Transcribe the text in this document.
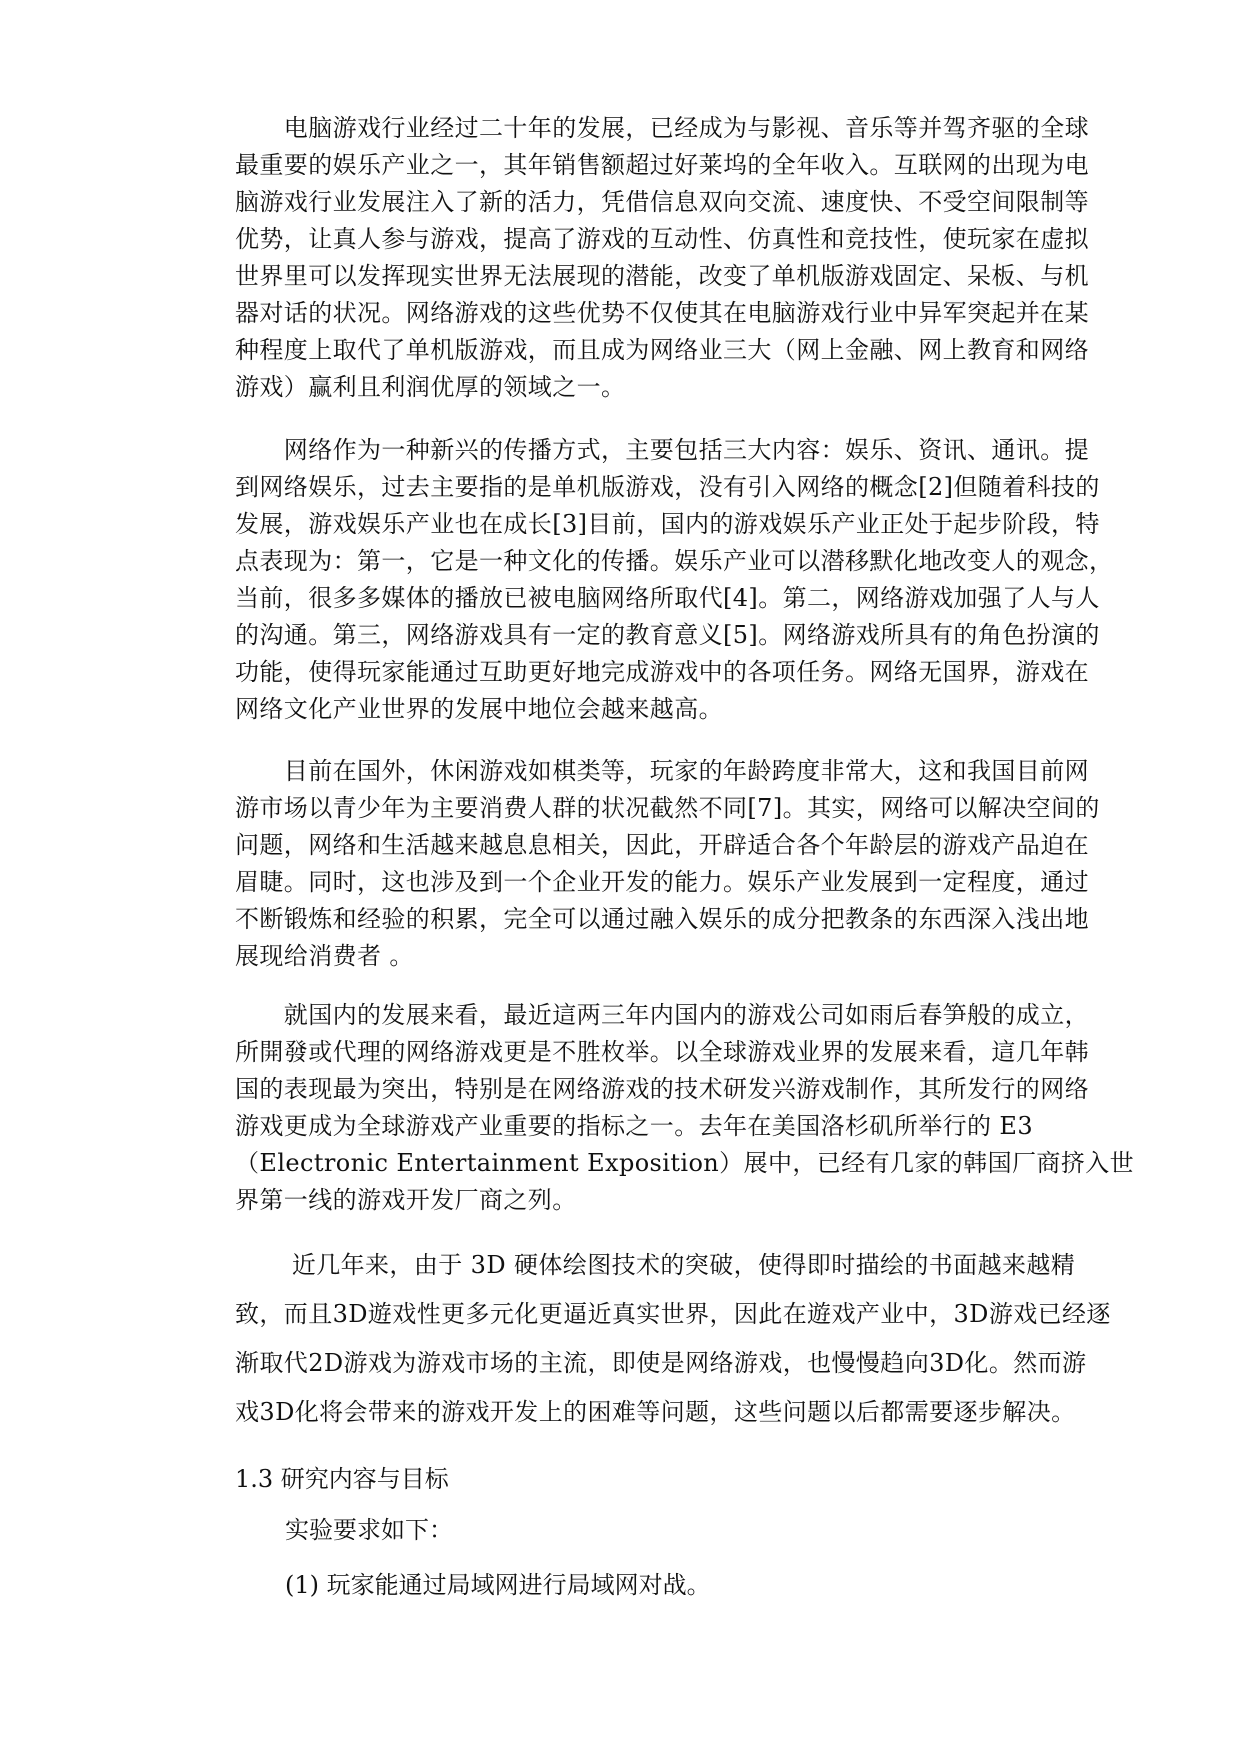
　　电脑游戏行业经过二十年的发展，已经成为与影视、音乐等并驾齐驱的全球
最重要的娱乐产业之一，其年销售额超过好莱坞的全年收入。互联网的出现为电
脑游戏行业发展注入了新的活力，凭借信息双向交流、速度快、不受空间限制等
优势，让真人参与游戏，提高了游戏的互动性、仿真性和竞技性，使玩家在虚拟
世界里可以发挥现实世界无法展现的潜能，改变了单机版游戏固定、呆板、与机
器对话的状况。网络游戏的这些优势不仅使其在电脑游戏行业中异军突起并在某
种程度上取代了单机版游戏，而且成为网络业三大（网上金融、网上教育和网络
游戏）赢利且利润优厚的领域之一。

　　网络作为一种新兴的传播方式，主要包括三大内容：娱乐、资讯、通讯。提
到网络娱乐，过去主要指的是单机版游戏，没有引入网络的概念[2]但随着科技的
发展，游戏娱乐产业也在成长[3]目前，国内的游戏娱乐产业正处于起步阶段，特
点表现为：第一，它是一种文化的传播。娱乐产业可以潜移默化地改变人的观念，
当前，很多多媒体的播放已被电脑网络所取代[4]。第二，网络游戏加强了人与人
的沟通。第三，网络游戏具有一定的教育意义[5]。网络游戏所具有的角色扮演的
功能，使得玩家能通过互助更好地完成游戏中的各项任务。网络无国界，游戏在
网络文化产业世界的发展中地位会越来越高。

　　目前在国外，休闲游戏如棋类等，玩家的年龄跨度非常大，这和我国目前网
游市场以青少年为主要消费人群的状况截然不同[7]。其实，网络可以解决空间的
问题，网络和生活越来越息息相关，因此，开辟适合各个年龄层的游戏产品迫在
眉睫。同时，这也涉及到一个企业开发的能力。娱乐产业发展到一定程度，通过
不断锻炼和经验的积累，完全可以通过融入娱乐的成分把教条的东西深入浅出地
展现给消费者 。

　　就国内的发展来看，最近這两三年内国内的游戏公司如雨后春笋般的成立，
所開發或代理的网络游戏更是不胜枚举。以全球游戏业界的发展来看，這几年韩
国的表现最为突出，特别是在网络游戏的技术研发兴游戏制作，其所发行的网络
游戏更成为全球游戏产业重要的指标之一。去年在美国洛杉矶所举行的 E3
（Electronic Entertainment Exposition）展中，已经有几家的韩国厂商挤入世
界第一线的游戏开发厂商之列。

　　 近几年来，由于 3D 硬体绘图技术的突破，使得即时描绘的书面越来越精
致，而且3D遊戏性更多元化更逼近真实世界，因此在遊戏产业中，3D游戏已经逐
渐取代2D游戏为游戏市场的主流，即使是网络游戏，也慢慢趋向3D化。然而游
戏3D化将会带来的游戏开发上的困难等问题，这些问题以后都需要逐步解决。

1.3 研究内容与目标

实验要求如下：

(1) 玩家能通过局域网进行局域网对战。
